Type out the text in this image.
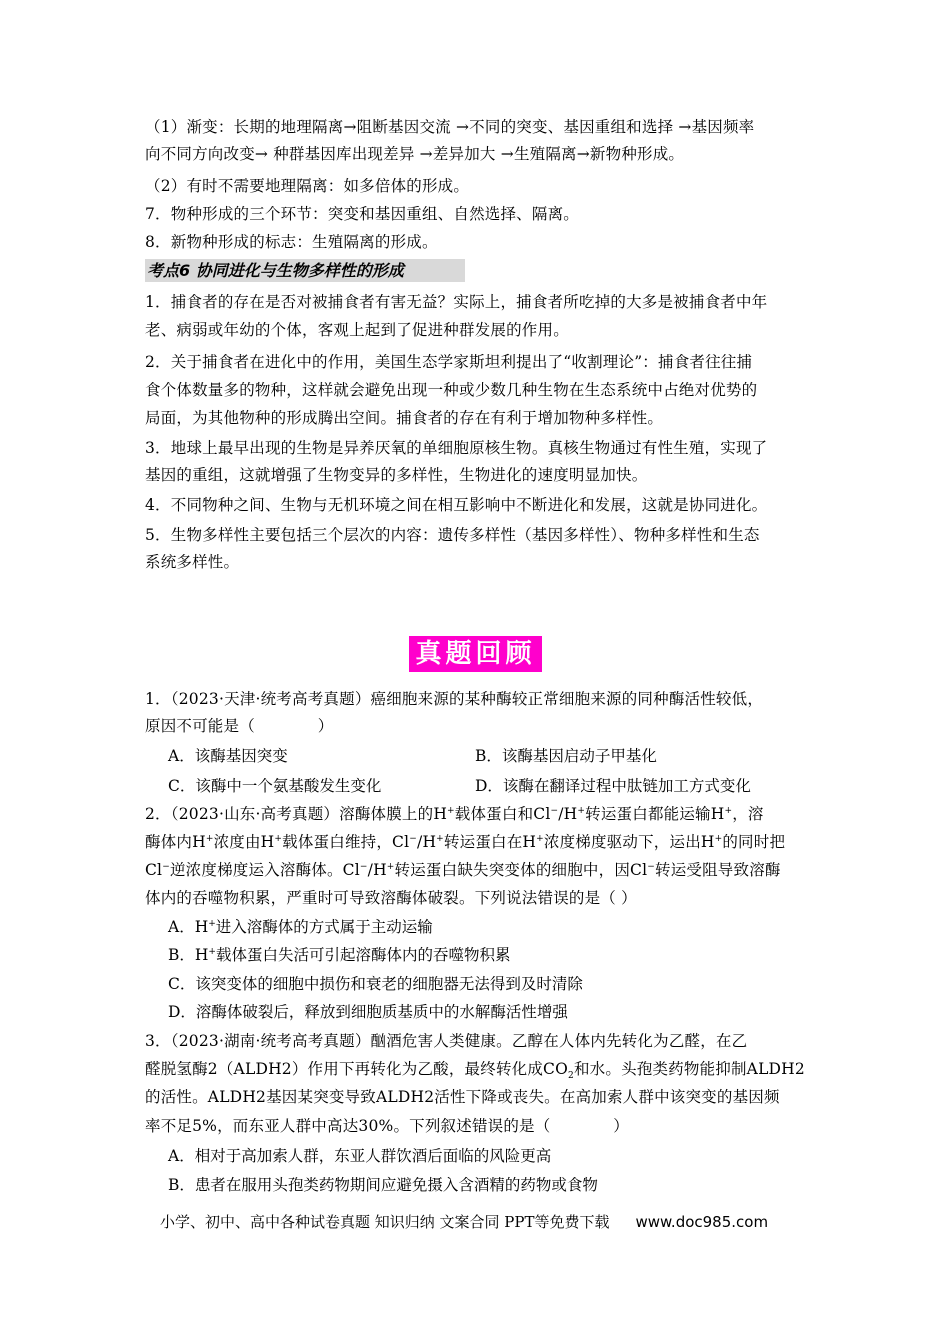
（1）渐变：长期的地理隔离→阻断基因交流 →不同的突变、基因重组和选择 →基因频率
向不同方向改变→ 种群基因库出现差异 →差异加大 →生殖隔离→新物种形成。
（2）有时不需要地理隔离：如多倍体的形成。
7．物种形成的三个环节：突变和基因重组、自然选择、隔离。
8．新物种形成的标志：生殖隔离的形成。
考点6 协同进化与生物多样性的形成
1．捕食者的存在是否对被捕食者有害无益？实际上，捕食者所吃掉的大多是被捕食者中年
老、病弱或年幼的个体，客观上起到了促进种群发展的作用。
2．关于捕食者在进化中的作用，美国生态学家斯坦利提出了“收割理论”：捕食者往往捕
食个体数量多的物种，这样就会避免出现一种或少数几种生物在生态系统中占绝对优势的
局面，为其他物种的形成腾出空间。捕食者的存在有利于增加物种多样性。
3．地球上最早出现的生物是异养厌氧的单细胞原核生物。真核生物通过有性生殖，实现了
基因的重组，这就增强了生物变异的多样性，生物进化的速度明显加快。
4．不同物种之间、生物与无机环境之间在相互影响中不断进化和发展，这就是协同进化。
5．生物多样性主要包括三个层次的内容：遗传多样性（基因多样性）、物种多样性和生态
系统多样性。
真题回顾
1．（2023·天津·统考高考真题）癌细胞来源的某种酶较正常细胞来源的同种酶活性较低，
原因不可能是（　　　　）
A．该酶基因突变	B．该酶基因启动子甲基化
C．该酶中一个氨基酸发生变化	D．该酶在翻译过程中肽链加工方式变化
2．（2023·山东·高考真题）溶酶体膜上的H+载体蛋白和Cl−/H+转运蛋白都能运输H+，溶
酶体内H+浓度由H+载体蛋白维持，Cl−/H+转运蛋白在H+浓度梯度驱动下，运出H+的同时把
Cl−逆浓度梯度运入溶酶体。Cl−/H+转运蛋白缺失突变体的细胞中，因Cl−转运受阻导致溶酶
体内的吞噬物积累，严重时可导致溶酶体破裂。下列说法错误的是（ ）
A．H+进入溶酶体的方式属于主动运输
B．H+载体蛋白失活可引起溶酶体内的吞噬物积累
C．该突变体的细胞中损伤和衰老的细胞器无法得到及时清除
D．溶酶体破裂后，释放到细胞质基质中的水解酶活性增强
3．（2023·湖南·统考高考真题）酗酒危害人类健康。乙醇在人体内先转化为乙醛，在乙
醛脱氢酶2（ALDH2）作用下再转化为乙酸，最终转化成$CO_2$和水。头孢类药物能抑制ALDH2
的活性。ALDH2基因某突变导致ALDH2活性下降或丧失。在高加索人群中该突变的基因频
率不足5%，而东亚人群中高达30%。下列叙述错误的是（　　　　）
A．相对于高加索人群，东亚人群饮酒后面临的风险更高
B．患者在服用头孢类药物期间应避免摄入含酒精的药物或食物
小学、初中、高中各种试卷真题 知识归纳 文案合同 PPT等免费下载 www.doc985.com
